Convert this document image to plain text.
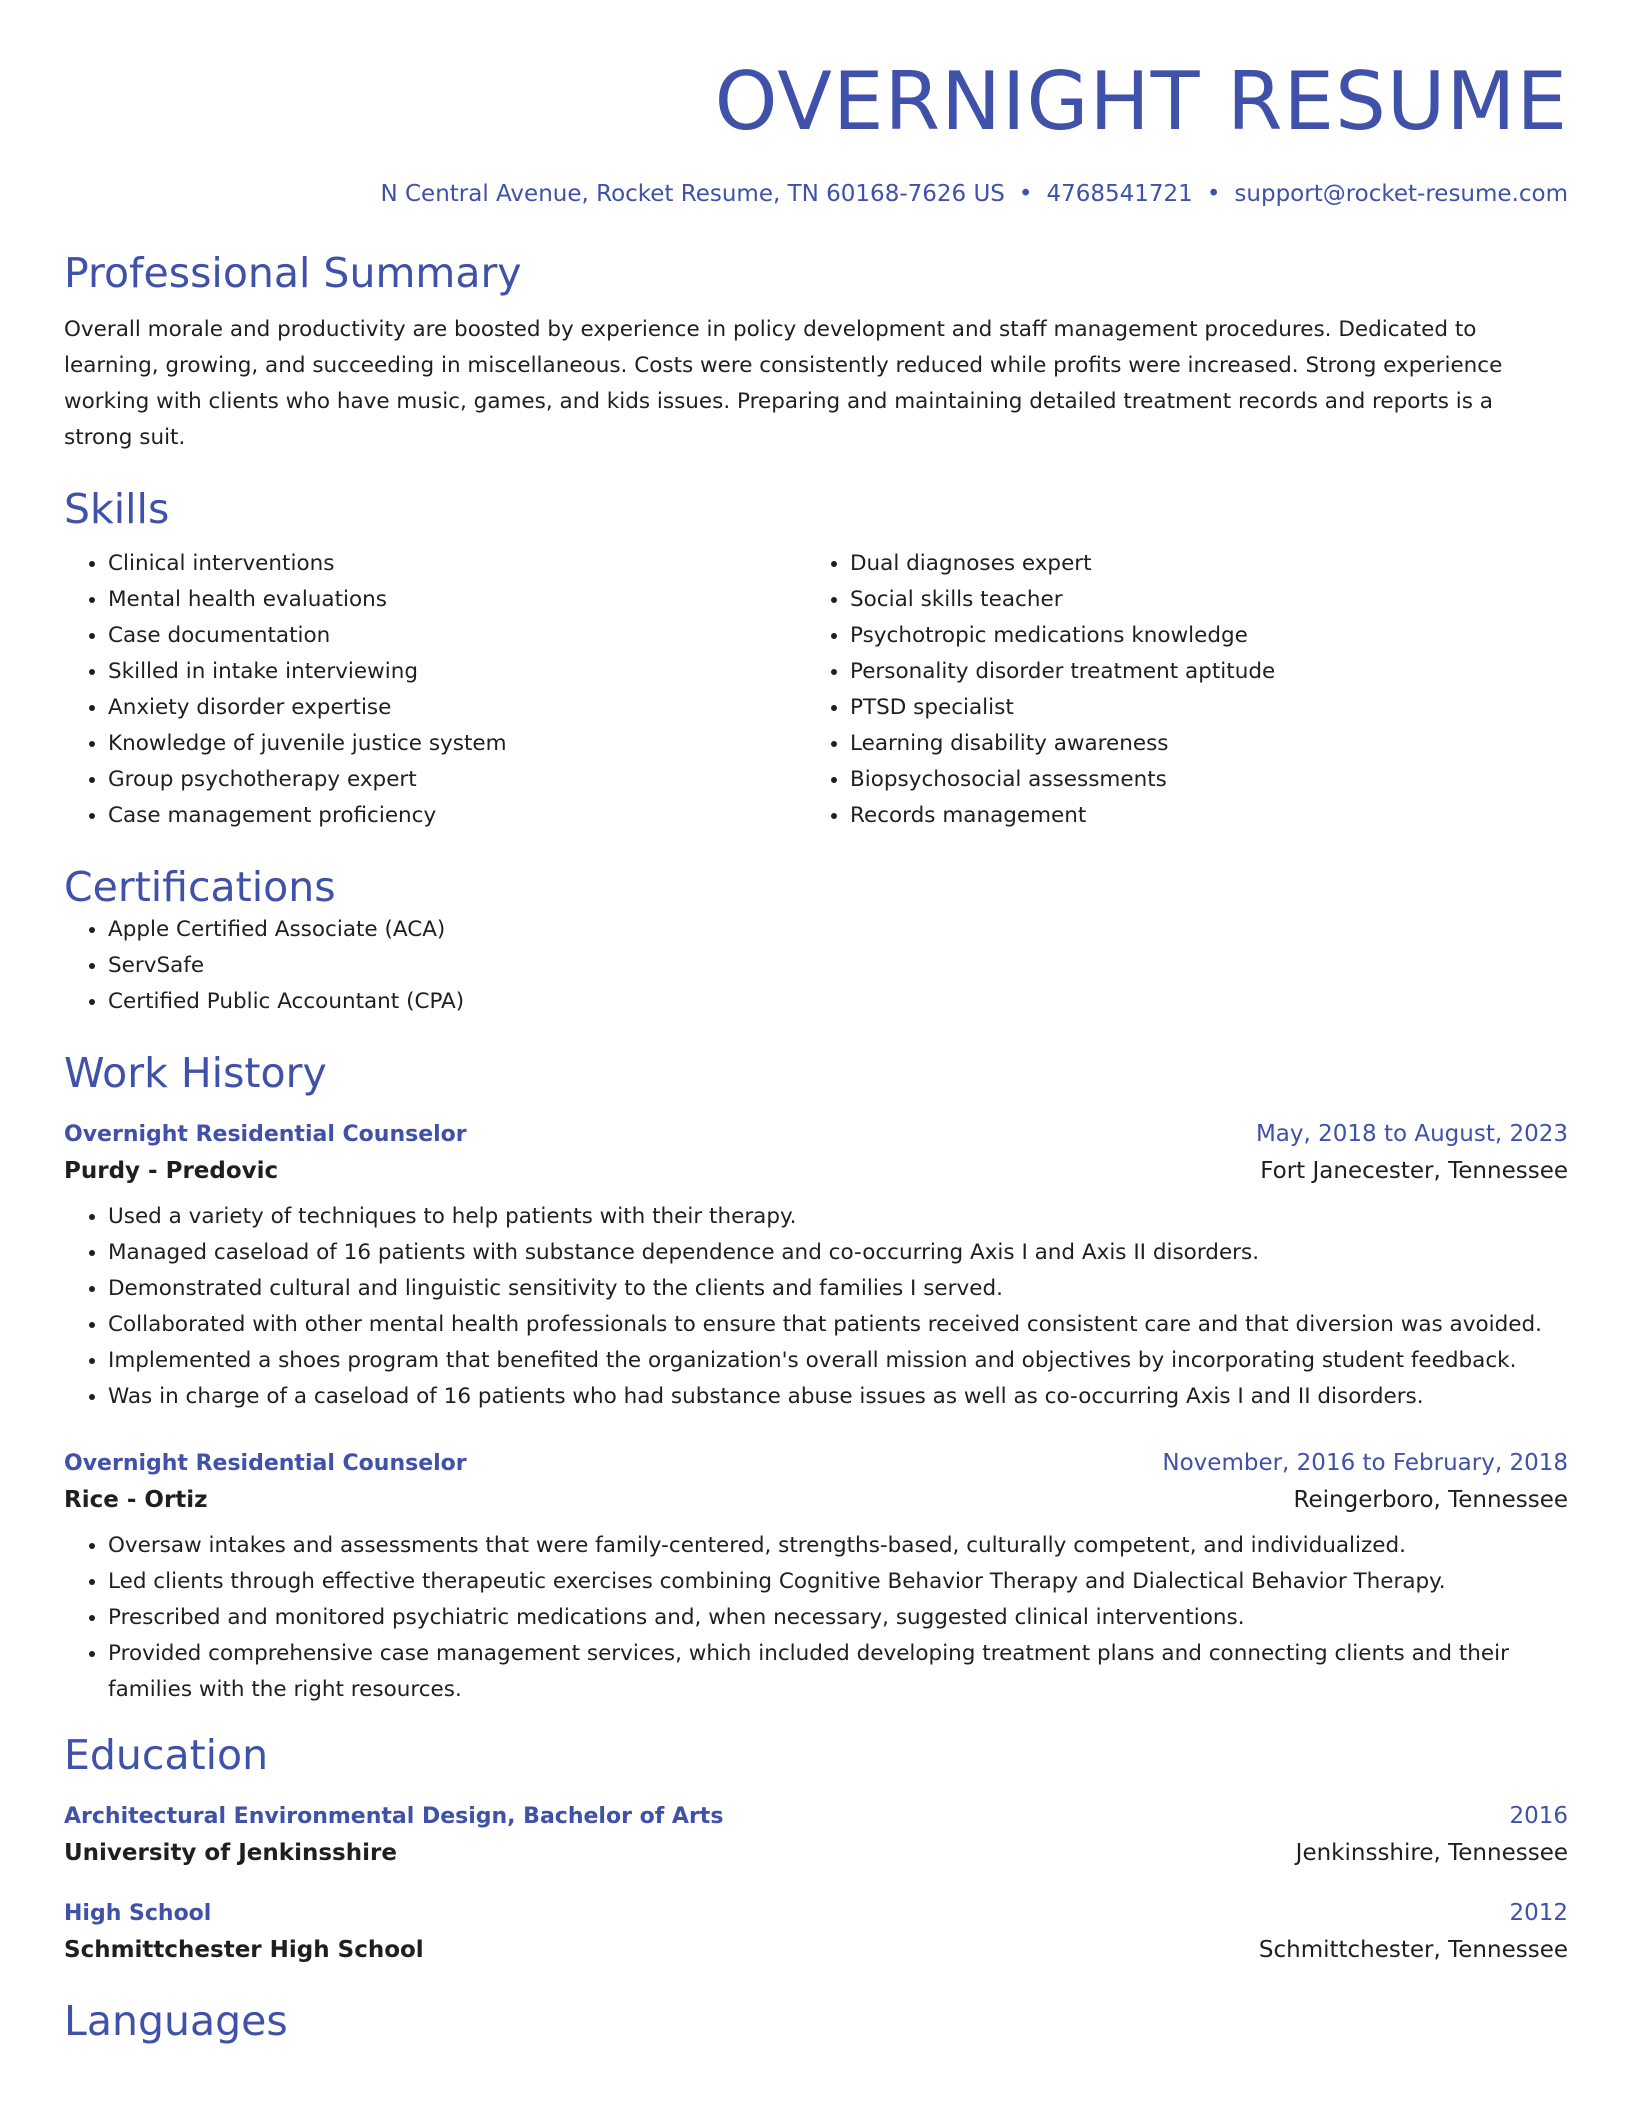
OVERNIGHT RESUME
N Central Avenue, Rocket Resume, TN 60168-7626 US • 4768541721 • support@rocket-resume.com
Professional Summary
Overall morale and productivity are boosted by experience in policy development and staff management procedures. Dedicated to learning, growing, and succeeding in miscellaneous. Costs were consistently reduced while profits were increased. Strong experience working with clients who have music, games, and kids issues. Preparing and maintaining detailed treatment records and reports is a strong suit.
Skills
• Clinical interventions
• Mental health evaluations
• Case documentation
• Skilled in intake interviewing
• Anxiety disorder expertise
• Knowledge of juvenile justice system
• Group psychotherapy expert
• Case management proficiency
• Dual diagnoses expert
• Social skills teacher
• Psychotropic medications knowledge
• Personality disorder treatment aptitude
• PTSD specialist
• Learning disability awareness
• Biopsychosocial assessments
• Records management
Certifications
• Apple Certified Associate (ACA)
• ServSafe
• Certified Public Accountant (CPA)
Work History
Overnight Residential Counselor	May, 2018 to August, 2023
Purdy - Predovic	Fort Janecester, Tennessee
• Used a variety of techniques to help patients with their therapy.
• Managed caseload of 16 patients with substance dependence and co-occurring Axis I and Axis II disorders.
• Demonstrated cultural and linguistic sensitivity to the clients and families I served.
• Collaborated with other mental health professionals to ensure that patients received consistent care and that diversion was avoided.
• Implemented a shoes program that benefited the organization's overall mission and objectives by incorporating student feedback.
• Was in charge of a caseload of 16 patients who had substance abuse issues as well as co-occurring Axis I and II disorders.
Overnight Residential Counselor	November, 2016 to February, 2018
Rice - Ortiz	Reingerboro, Tennessee
• Oversaw intakes and assessments that were family-centered, strengths-based, culturally competent, and individualized.
• Led clients through effective therapeutic exercises combining Cognitive Behavior Therapy and Dialectical Behavior Therapy.
• Prescribed and monitored psychiatric medications and, when necessary, suggested clinical interventions.
• Provided comprehensive case management services, which included developing treatment plans and connecting clients and their families with the right resources.
Education
Architectural Environmental Design, Bachelor of Arts	2016
University of Jenkinsshire	Jenkinsshire, Tennessee
High School	2012
Schmittchester High School	Schmittchester, Tennessee
Languages
